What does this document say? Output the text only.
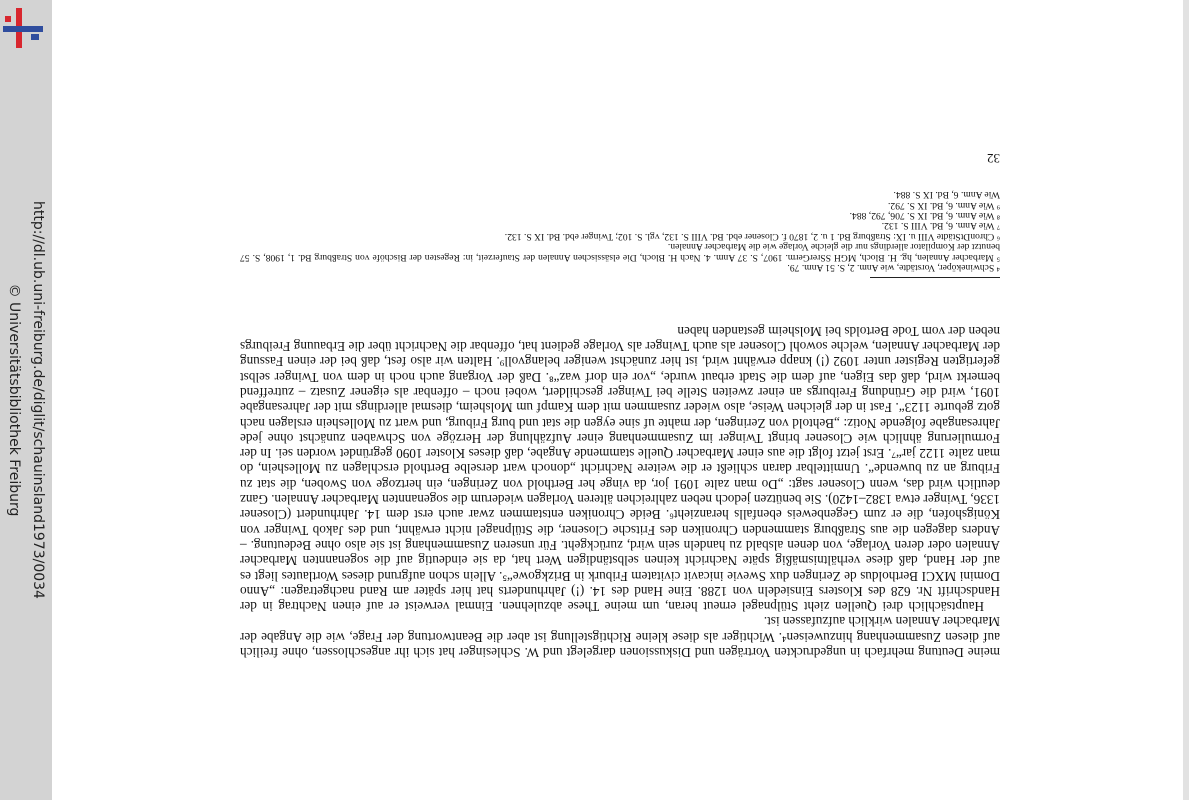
http://dl.ub.uni-freiburg.de/diglit/schauinsland1973/0034
© Universitätsbibliothek Freiburg

meine Deutung mehrfach in ungedruckten Vorträgen und Diskussionen dargelegt und W. Schlesinger hat sich ihr angeschlossen, ohne freilich auf diesen Zusammenhang hinzuweisen⁴. Wichtiger als diese kleine Richtigstellung ist aber die Beantwortung der Frage, wie die Angabe der Marbacher Annalen wirklich aufzufassen ist.

Hauptsächlich drei Quellen zieht Stülpnagel erneut heran, um meine These abzulehnen. Einmal verweist er auf einen Nachtrag in der Handschrift Nr. 628 des Klosters Einsiedeln von 1288. Eine Hand des 14. (!) Jahrhunderts hat hier später am Rand nachgetragen: „Anno Domini MXCI Bertholdus de Zeringen dux Swevie inicavit civitatem Friburk in Brizkgowe“⁵. Allein schon aufgrund dieses Wortlautes liegt es auf der Hand, daß diese verhältnismäßig späte Nachricht keinen selbständigen Wert hat, da sie eindeutig auf die sogenannten Marbacher Annalen oder deren Vorlage, von denen alsbald zu handeln sein wird, zurückgeht. Für unseren Zusammenhang ist sie also ohne Bedeutung. – Anders dagegen die aus Straßburg stammenden Chroniken des Fritsche Closener, die Stülpnagel nicht erwähnt, und des Jakob Twinger von Königshofen, die er zum Gegenbeweis ebenfalls heranzieht⁶. Beide Chroniken entstammen zwar auch erst dem 14. Jahrhundert (Closener 1336, Twinger etwa 1382–1420). Sie benützen jedoch neben zahlreichen älteren Vorlagen wiederum die sogenannten Marbacher Annalen. Ganz deutlich wird das, wenn Closener sagt: „Do man zalte 1091 jor, da vinge her Berthold von Zeringen, ein hertzoge von Swoben, die stat zu Friburg an zu buwende“. Unmittelbar daran schließt er die weitere Nachricht „donoch wart derselbe Berthold erschlagen zu Molleshein, do man zalte 1122 jar“⁷. Erst jetzt folgt die aus einer Marbacher Quelle stammende Angabe, daß dieses Kloster 1090 gegründet worden sei. In der Formulierung ähnlich wie Closener bringt Twinger im Zusammenhang einer Aufzählung der Herzöge von Schwaben zunächst ohne jede Jahresangabe folgende Notiz: „Behtold von Zeringen, der mahte uf sine eygen die stat und burg Friburg, und wart zu Molleshein erslagen nach gotz geburte 1123“. Fast in der gleichen Weise, also wieder zusammen mit dem Kampf um Molsheim, diesmal allerdings mit der Jahresangabe 1091, wird die Gründung Freiburgs an einer zweiten Stelle bei Twinger geschildert, wobei noch – offenbar als eigener Zusatz – zutreffend bemerkt wird, daß das Eigen, auf dem die Stadt erbaut wurde, „vor ein dorf waz“⁸. Daß der Vorgang auch noch in dem von Twinger selbst gefertigten Register unter 1092 (!) knapp erwähnt wird, ist hier zunächst weniger belangvoll⁹. Halten wir also fest, daß bei der einen Fassung der Marbacher Annalen, welche sowohl Closener als auch Twinger als Vorlage gedient hat, offenbar die Nachricht über die Erbauung Freiburgs neben der vom Tode Bertolds bei Molsheim gestanden haben

⁴ Schwineköper, Vorstädte, wie Anm. 2, S. 51 Anm. 79.

⁵ Marbacher Annalen, hg. H. Bloch, MGH SSrerGerm. 1907, S. 37 Anm. 4. Nach H. Bloch, Die elsässischen Annalen der Stauferzeit, in: Regesten der Bischöfe von Straßburg Bd. 1, 1908, S. 57 benutzt der Kompilator allerdings nur die gleiche Vorlage wie die Marbacher Annalen.

⁶ ChronDtStädte VIII u. IX: Straßburg Bd. 1 u. 2, 1870 f. Closener ebd. Bd. VIII S. 132, vgl. S. 102; Twinger ebd. Bd. IX S. 132.

⁷ Wie Anm. 6, Bd. VIII S. 132.

⁸ Wie Anm. 6, Bd. IX S. 706, 792, 884.

⁹ Wie Anm. 6, Bd. IX S. 792.

Wie Anm. 6, Bd. IX S. 884.

32
